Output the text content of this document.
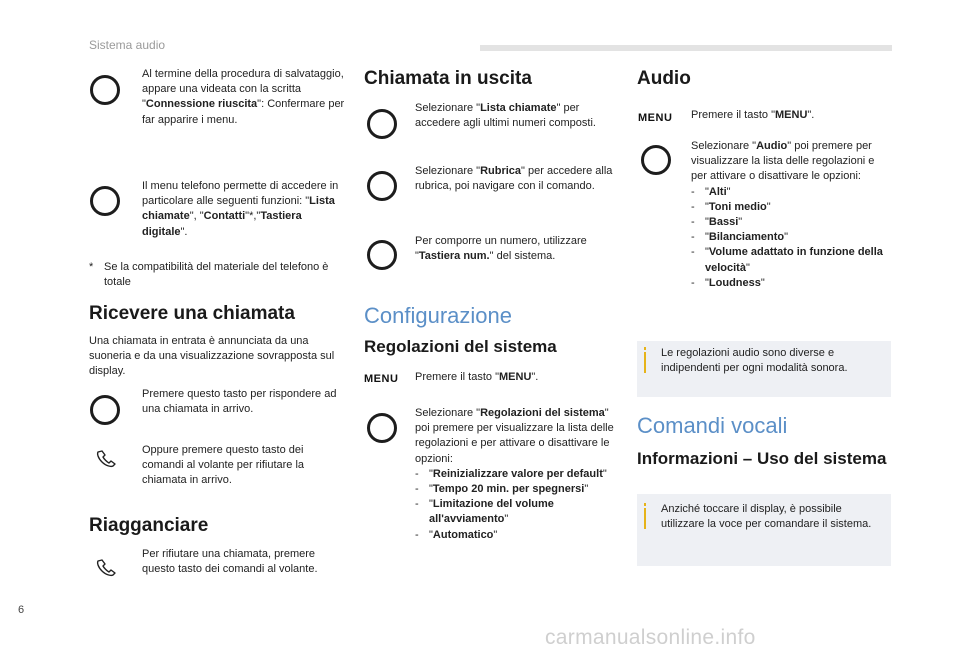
Sistema audio
Al termine della procedura di salvataggio, appare una videata con la scritta "Connessione riuscita": Confermare per far apparire i menu.
Il menu telefono permette di accedere in particolare alle seguenti funzioni: "Lista chiamate", "Contatti"*,"Tastiera digitale".
* Se la compatibilità del materiale del telefono è totale
Ricevere una chiamata
Una chiamata in entrata è annunciata da una suoneria e da una visualizzazione sovrapposta sul display.
Premere questo tasto per rispondere ad una chiamata in arrivo.
Oppure premere questo tasto dei comandi al volante per rifiutare la chiamata in arrivo.
Riagganciare
Per rifiutare una chiamata, premere questo tasto dei comandi al volante.
Chiamata in uscita
Selezionare "Lista chiamate" per accedere agli ultimi numeri composti.
Selezionare "Rubrica" per accedere alla rubrica, poi navigare con il comando.
Per comporre un numero, utilizzare "Tastiera num." del sistema.
Configurazione
Regolazioni del sistema
MENU Premere il tasto "MENU".
Selezionare "Regolazioni del sistema" poi premere per visualizzare la lista delle regolazioni e per attivare o disattivare le opzioni:
- "Reinizializzare valore per default"
- "Tempo 20 min. per spegnersi"
- "Limitazione del volume all'avviamento"
- "Automatico"
Audio
MENU Premere il tasto "MENU".
Selezionare "Audio" poi premere per visualizzare la lista delle regolazioni e per attivare o disattivare le opzioni:
- "Alti"
- "Toni medio"
- "Bassi"
- "Bilanciamento"
- "Volume adattato in funzione della velocità"
- "Loudness"
Le regolazioni audio sono diverse e indipendenti per ogni modalità sonora.
Comandi vocali
Informazioni – Uso del sistema
Anziché toccare il display, è possibile utilizzare la voce per comandare il sistema.
6
carmanualsonline.info
